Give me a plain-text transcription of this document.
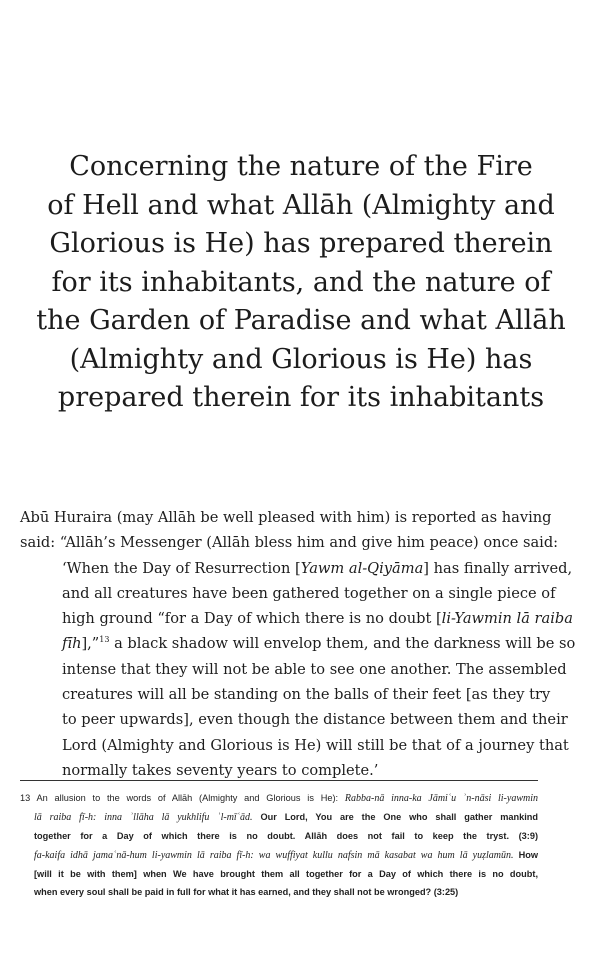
Concerning the nature of the Fire
of Hell and what Allāh (Almighty and
Glorious is He) has prepared therein
for its inhabitants, and the nature of
the Garden of Paradise and what Allāh
(Almighty and Glorious is He) has
prepared therein for its inhabitants
Abū Huraira (may Allāh be well pleased with him) is reported as having
said: “Allāh’s Messenger (Allāh bless him and give him peace) once said:
‘When the Day of Resurrection [Yawm al-Qiyāma] has finally arrived,
and all creatures have been gathered together on a single piece of
high ground “for a Day of which there is no doubt [li-Yawmin lā raiba
fīh],”$^{13}$ a black shadow will envelop them, and the darkness will be so
intense that they will not be able to see one another. The assembled
creatures will all be standing on the balls of their feet [as they try
to peer upwards], even though the distance between them and their
Lord (Almighty and Glorious is He) will still be that of a journey that
normally takes seventy years to complete.’
13 An allusion to the words of Allāh (Almighty and Glorious is He): Rabba-nā inna-ka Jāmiʿu ʾn-nāsi li-yawmin
lā raiba fī-h: inna ʾllāha lā yukhlifu ʾl-mīʿād. Our Lord, You are the One who shall gather mankind
together for a Day of which there is no doubt. Allāh does not fail to keep the tryst. (3:9)
fa-kaifa idhā jamaʿnā-hum li-yawmin lā raiba fī-h: wa wuffiyat kullu nafsin mā kasabat wa hum lā yuẓlamūn. How
[will it be with them] when We have brought them all together for a Day of which there is no doubt,
when every soul shall be paid in full for what it has earned, and they shall not be wronged? (3:25)
